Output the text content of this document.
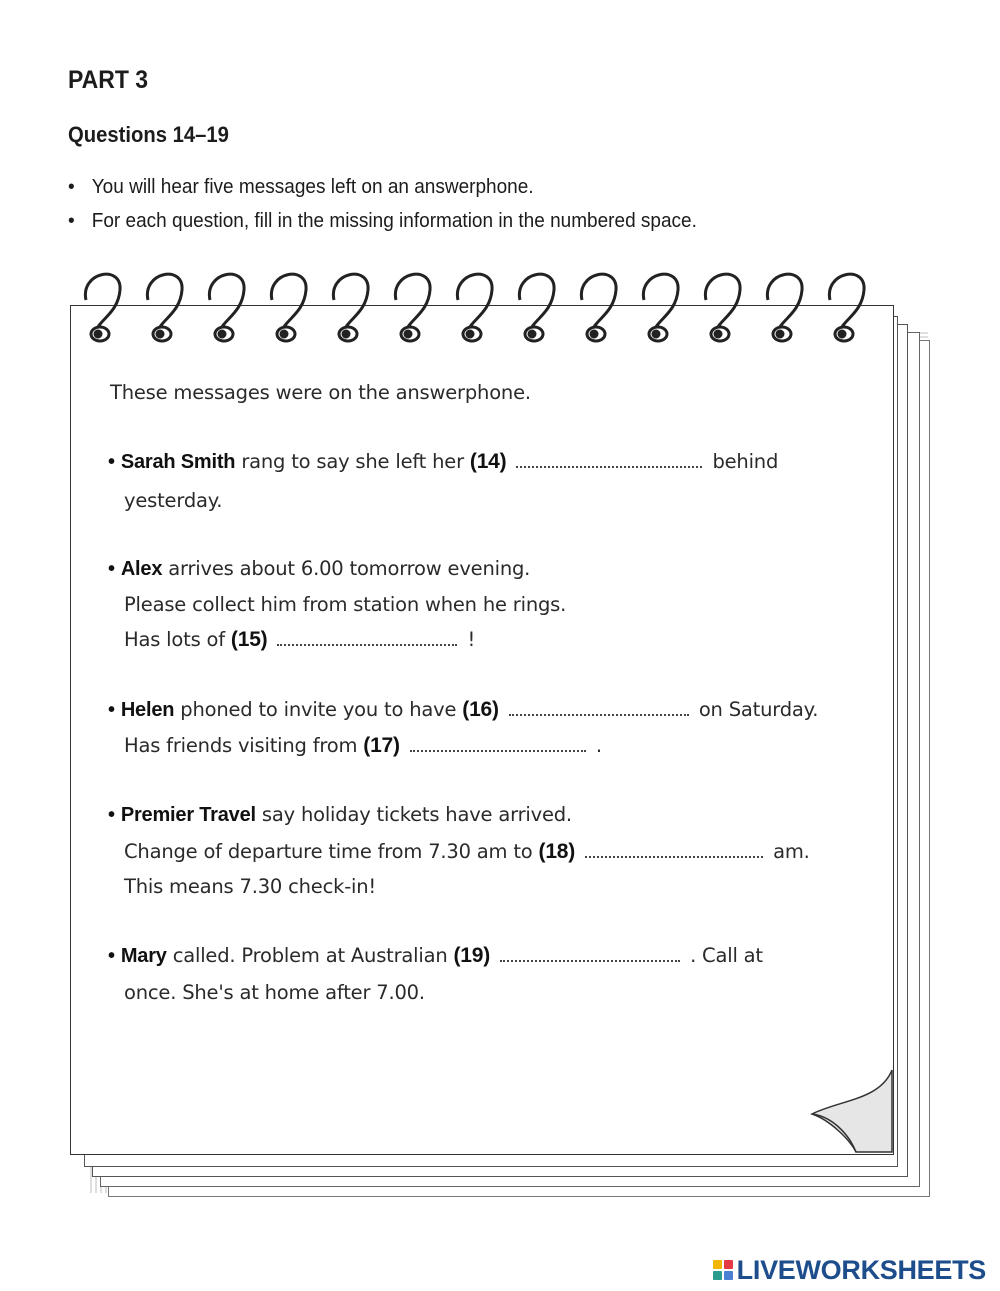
PART 3
Questions 14–19
• You will hear five messages left on an answerphone.
• For each question, fill in the missing information in the numbered space.
These messages were on the answerphone.
• Sarah Smith rang to say she left her (14)	behind
yesterday.
• Alex arrives about 6.00 tomorrow evening.
Please collect him from station when he rings.
Has lots of (15)	!
• Helen phoned to invite you to have (16)	on Saturday.
Has friends visiting from (17)	.
• Premier Travel say holiday tickets have arrived.
Change of departure time from 7.30 am to (18)	am.
This means 7.30 check-in!
• Mary called. Problem at Australian (19)	. Call at
once. She's at home after 7.00.
LIVEWORKSHEETS
